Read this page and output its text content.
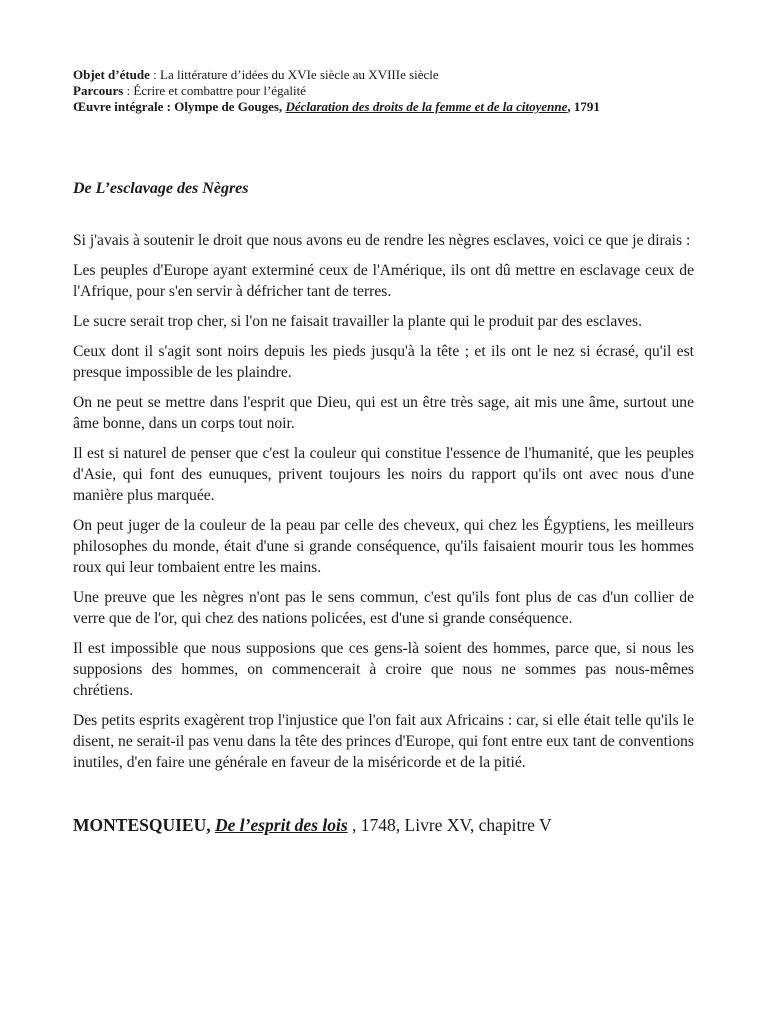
Objet d’étude : La littérature d’idées du XVIe siècle au XVIIIe siècle
Parcours : Écrire et combattre pour l’égalité
Œuvre intégrale : Olympe de Gouges, Déclaration des droits de la femme et de la citoyenne, 1791
De L’esclavage des Nègres

Si j'avais à soutenir le droit que nous avons eu de rendre les nègres esclaves, voici ce que je dirais :

Les peuples d'Europe ayant exterminé ceux de l'Amérique, ils ont dû mettre en esclavage ceux de l'Afrique, pour s'en servir à défricher tant de terres.

Le sucre serait trop cher, si l'on ne faisait travailler la plante qui le produit par des esclaves.

Ceux dont il s'agit sont noirs depuis les pieds jusqu'à la tête ; et ils ont le nez si écrasé, qu'il est presque impossible de les plaindre.

On ne peut se mettre dans l'esprit que Dieu, qui est un être très sage, ait mis une âme, surtout une âme bonne, dans un corps tout noir.

Il est si naturel de penser que c'est la couleur qui constitue l'essence de l'humanité, que les peuples d'Asie, qui font des eunuques, privent toujours les noirs du rapport qu'ils ont avec nous d'une manière plus marquée.

On peut juger de la couleur de la peau par celle des cheveux, qui chez les Égyptiens, les meilleurs philosophes du monde, était d'une si grande conséquence, qu'ils faisaient mourir tous les hommes roux qui leur tombaient entre les mains.

Une preuve que les nègres n'ont pas le sens commun, c'est qu'ils font plus de cas d'un collier de verre que de l'or, qui chez des nations policées, est d'une si grande conséquence.

Il est impossible que nous supposions que ces gens-là soient des hommes, parce que, si nous les supposions des hommes, on commencerait à croire que nous ne sommes pas nous-mêmes chrétiens.

Des petits esprits exagèrent trop l'injustice que l'on fait aux Africains : car, si elle était telle qu'ils le disent, ne serait-il pas venu dans la tête des princes d'Europe, qui font entre eux tant de conventions inutiles, d'en faire une générale en faveur de la miséricorde et de la pitié.

MONTESQUIEU, De l’esprit des lois , 1748, Livre XV, chapitre V
